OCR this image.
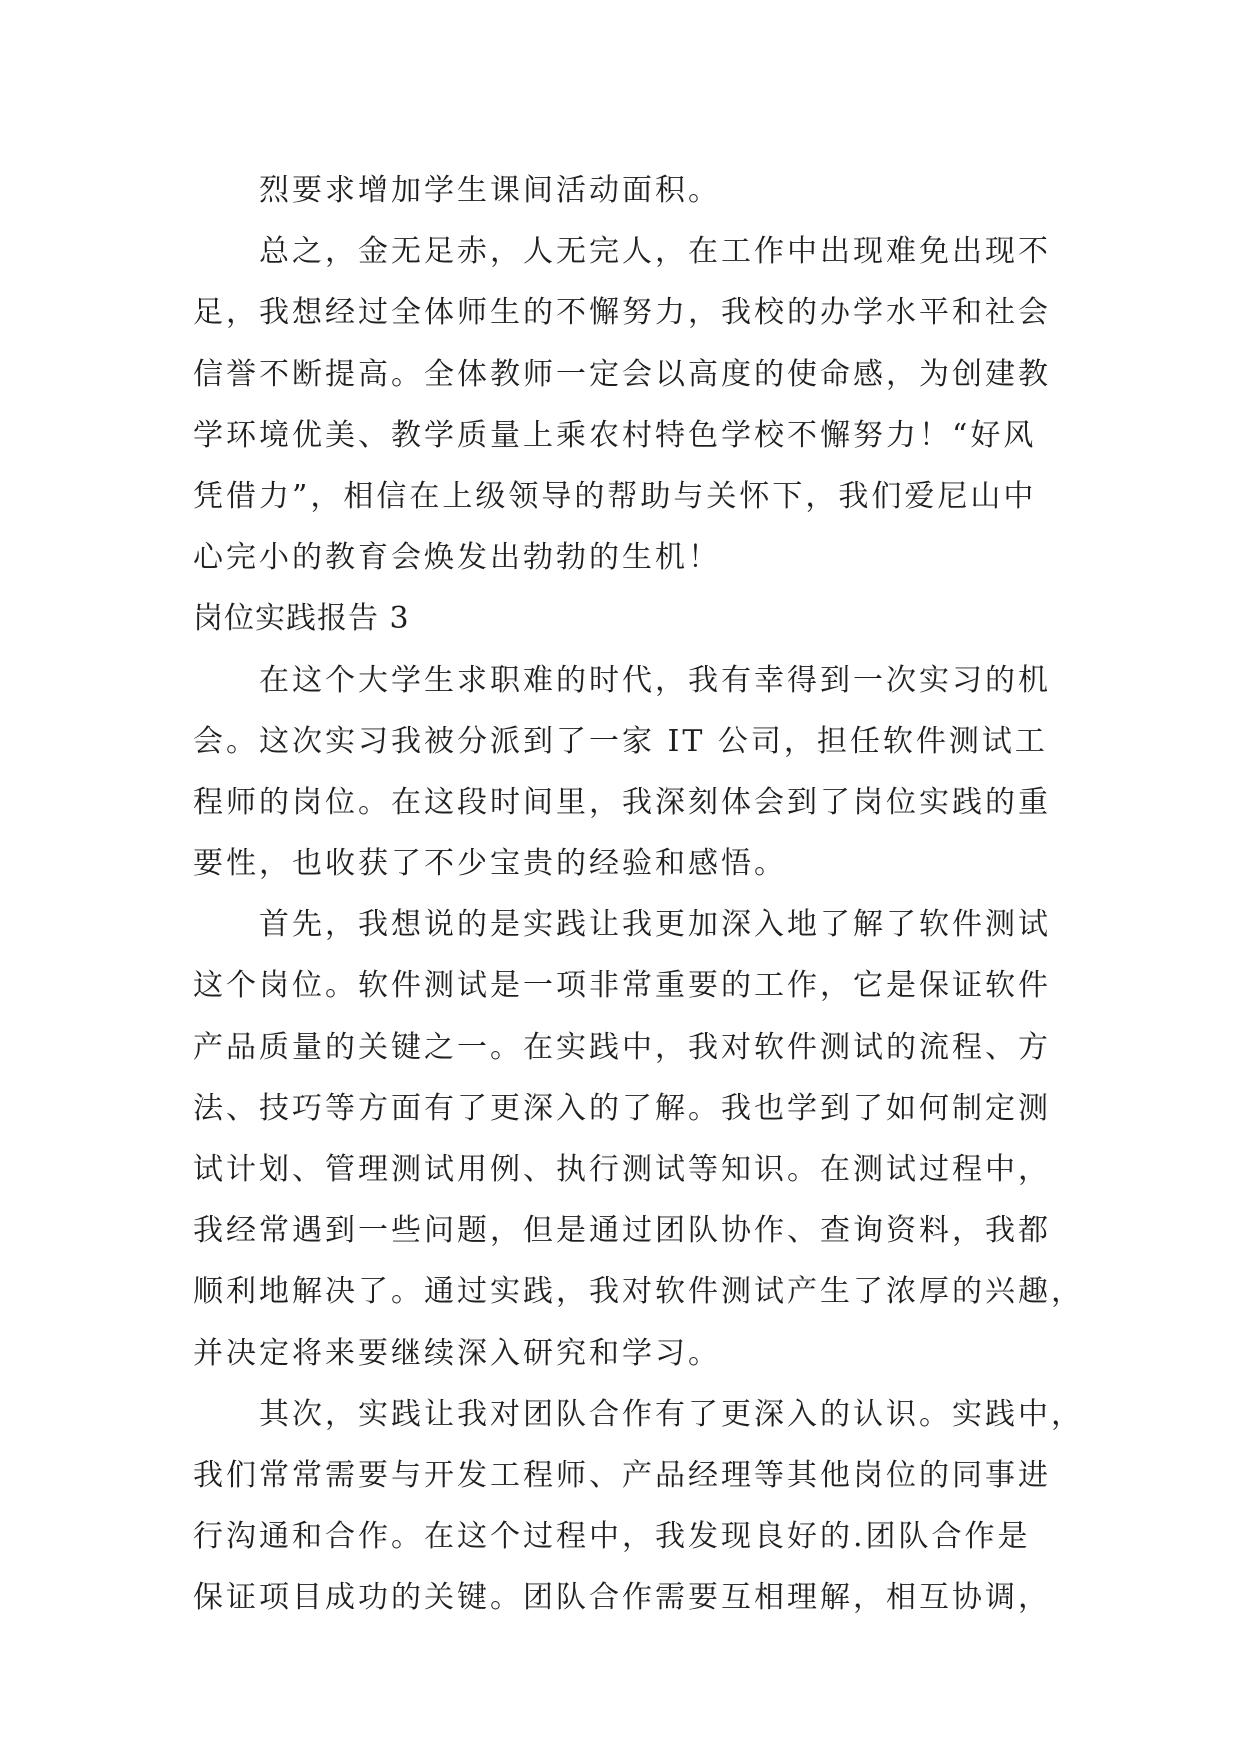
烈要求增加学生课间活动面积。
总之，金无足赤，人无完人，在工作中出现难免出现不
足，我想经过全体师生的不懈努力，我校的办学水平和社会
信誉不断提高。全体教师一定会以高度的使命感，为创建教
学环境优美、教学质量上乘农村特色学校不懈努力！“好风
凭借力”，相信在上级领导的帮助与关怀下，我们爱尼山中
心完小的教育会焕发出勃勃的生机！
岗位实践报告 3
在这个大学生求职难的时代，我有幸得到一次实习的机
会。这次实习我被分派到了一家 IT 公司，担任软件测试工
程师的岗位。在这段时间里，我深刻体会到了岗位实践的重
要性，也收获了不少宝贵的经验和感悟。
首先，我想说的是实践让我更加深入地了解了软件测试
这个岗位。软件测试是一项非常重要的工作，它是保证软件
产品质量的关键之一。在实践中，我对软件测试的流程、方
法、技巧等方面有了更深入的了解。我也学到了如何制定测
试计划、管理测试用例、执行测试等知识。在测试过程中，
我经常遇到一些问题，但是通过团队协作、查询资料，我都
顺利地解决了。通过实践，我对软件测试产生了浓厚的兴趣，
并决定将来要继续深入研究和学习。
其次，实践让我对团队合作有了更深入的认识。实践中，
我们常常需要与开发工程师、产品经理等其他岗位的同事进
行沟通和合作。在这个过程中，我发现良好的.团队合作是
保证项目成功的关键。团队合作需要互相理解，相互协调，
